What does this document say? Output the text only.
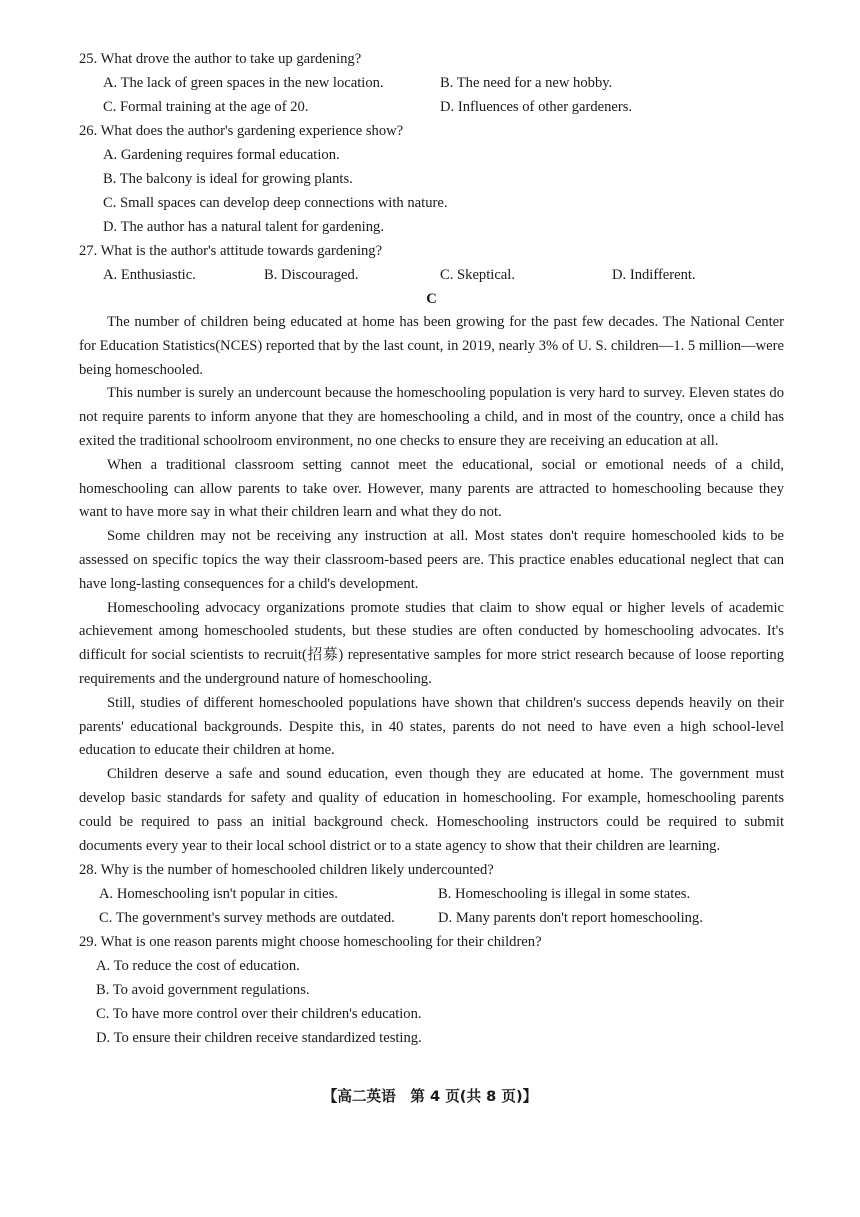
25. What drove the author to take up gardening?

A. The lack of green spaces in the new location.	B. The need for a new hobby.
C. Formal training at the age of 20.	D. Influences of other gardeners.

26. What does the author's gardening experience show?

A. Gardening requires formal education.
B. The balcony is ideal for growing plants.
C. Small spaces can develop deep connections with nature.
D. The author has a natural talent for gardening.

27. What is the author's attitude towards gardening?

A. Enthusiastic.	B. Discouraged.	C. Skeptical.	D. Indifferent.

C

The number of children being educated at home has been growing for the past few decades. The National Center for Education Statistics(NCES) reported that by the last count, in 2019, nearly 3% of U. S. children—1. 5 million—were being homeschooled.

This number is surely an undercount because the homeschooling population is very hard to survey. Eleven states do not require parents to inform anyone that they are homeschooling a child, and in most of the country, once a child has exited the traditional schoolroom environment, no one checks to ensure they are receiving an education at all.

When a traditional classroom setting cannot meet the educational, social or emotional needs of a child, homeschooling can allow parents to take over. However, many parents are attracted to homeschooling because they want to have more say in what their children learn and what they do not.

Some children may not be receiving any instruction at all. Most states don't require homeschooled kids to be assessed on specific topics the way their classroom-based peers are. This practice enables educational neglect that can have long-lasting consequences for a child's development.

Homeschooling advocacy organizations promote studies that claim to show equal or higher levels of academic achievement among homeschooled students, but these studies are often conducted by homeschooling advocates. It's difficult for social scientists to recruit(招募) representative samples for more strict research because of loose reporting requirements and the underground nature of homeschooling.

Still, studies of different homeschooled populations have shown that children's success depends heavily on their parents' educational backgrounds. Despite this, in 40 states, parents do not need to have even a high school-level education to educate their children at home.

Children deserve a safe and sound education, even though they are educated at home. The government must develop basic standards for safety and quality of education in homeschooling. For example, homeschooling parents could be required to pass an initial background check. Homeschooling instructors could be required to submit documents every year to their local school district or to a state agency to show that their children are learning.

28. Why is the number of homeschooled children likely undercounted?

A. Homeschooling isn't popular in cities.	B. Homeschooling is illegal in some states.
C. The government's survey methods are outdated.	D. Many parents don't report homeschooling.

29. What is one reason parents might choose homeschooling for their children?

A. To reduce the cost of education.
B. To avoid government regulations.
C. To have more control over their children's education.
D. To ensure their children receive standardized testing.
【高二英语　第 4 页(共 8 页)】
